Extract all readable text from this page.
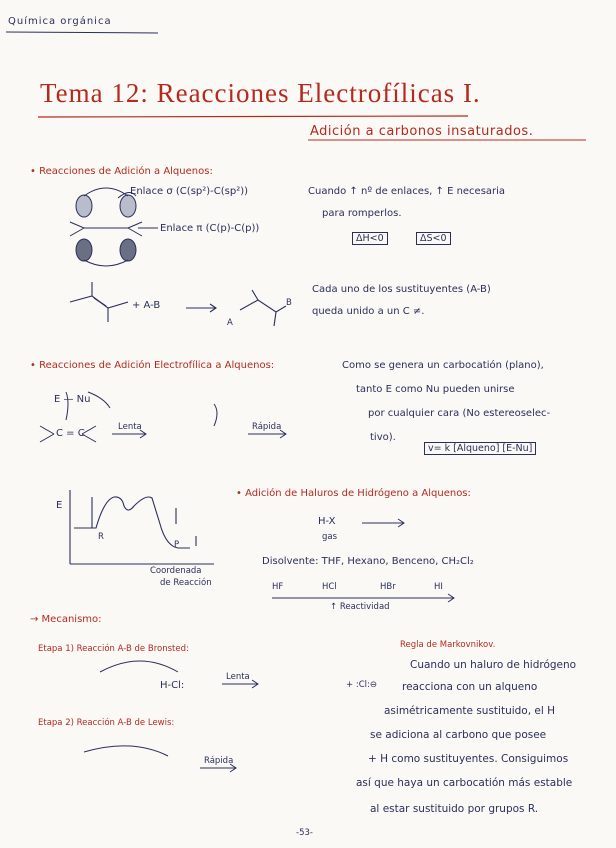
Química orgánica
Tema 12: Reacciones Electrofílicas I.
Adición a carbonos insaturados.
• Reacciones de Adición a Alquenos:
Enlace σ (C(sp²)-C(sp²))
Enlace π (C(p)-C(p))
Cuando ↑ nº de enlaces, ↑ E necesaria
para romperlos.
ΔH<0	ΔS<0
+ A-B
A
B
Cada uno de los sustituyentes (A-B)
queda unido a un C ≠.
• Reacciones de Adición Electrofílica a Alquenos:	Como se genera un carbocatión (plano),
tanto E como Nu pueden unirse
por cualquier cara (No estereoselec-
tivo).
v= k [Alqueno] [E-Nu]
E — Nu
C = C
Lenta	Rápida
E
R
P
Coordenada
de Reacción
• Adición de Haluros de Hidrógeno a Alquenos:
H-X
gas
Disolvente: THF, Hexano, Benceno, CH₂Cl₂
HF	HCl	HBr	HI
↑ Reactividad
→ Mecanismo:
Etapa 1) Reacción A-B de Bronsted:
Lenta
H-Cl:	+ :Cl:⊖
Etapa 2) Reacción A-B de Lewis:
Rápida
Regla de Markovnikov.
Cuando un haluro de hidrógeno
reacciona con un alqueno
asimétricamente sustituido, el H
se adiciona al carbono que posee
+ H como sustituyentes. Consiguimos
así que haya un carbocatión más estable
al estar sustituido por grupos R.
-53-
